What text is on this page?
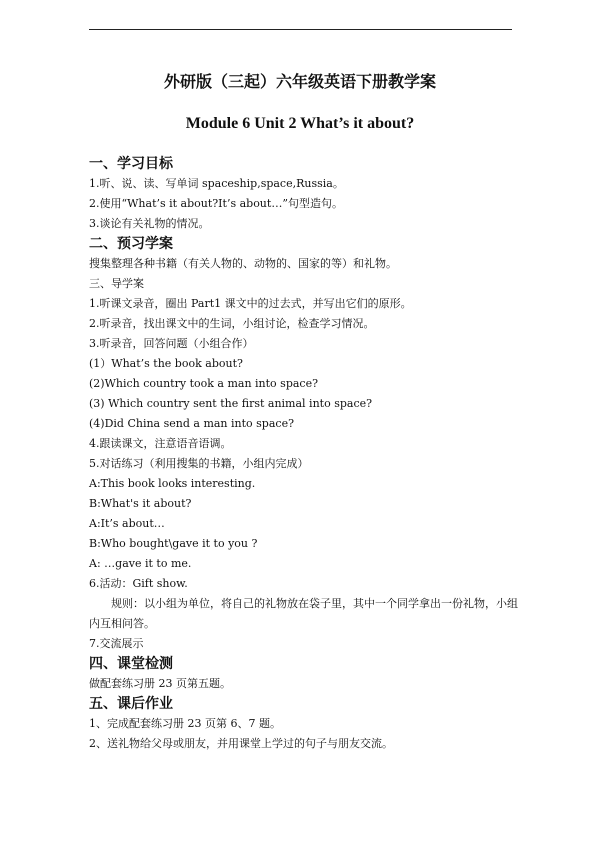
外研版（三起）六年级英语下册教学案
Module 6 Unit 2 What’s it about?
一、学习目标
1.听、说、读、写单词 spaceship,space,Russia。
2.使用“What’s it about?It’s about…”句型造句。
3.谈论有关礼物的情况。
二、预习学案
搜集整理各种书籍（有关人物的、动物的、国家的等）和礼物。
三、导学案
1.听课文录音，圈出 Part1 课文中的过去式，并写出它们的原形。
2.听录音，找出课文中的生词，小组讨论，检查学习情况。
3.听录音，回答问题（小组合作）
(1）What’s the book about?
(2)Which country took a man into space?
(3) Which country sent the first animal into space?
(4)Did China send a man into space?
4.跟读课文，注意语音语调。
5.对话练习（利用搜集的书籍，小组内完成）
A:This book looks interesting.
B:What's it about?
A:It’s about…
B:Who bought\gave it to you ?
A: …gave it to me.
6.活动：Gift show.
规则：以小组为单位，将自己的礼物放在袋子里，其中一个同学拿出一份礼物，小组内互相问答。
7.交流展示
四、课堂检测
做配套练习册 23 页第五题。
五、课后作业
1、完成配套练习册 23 页第 6、7 题。
2、送礼物给父母或朋友，并用课堂上学过的句子与朋友交流。
